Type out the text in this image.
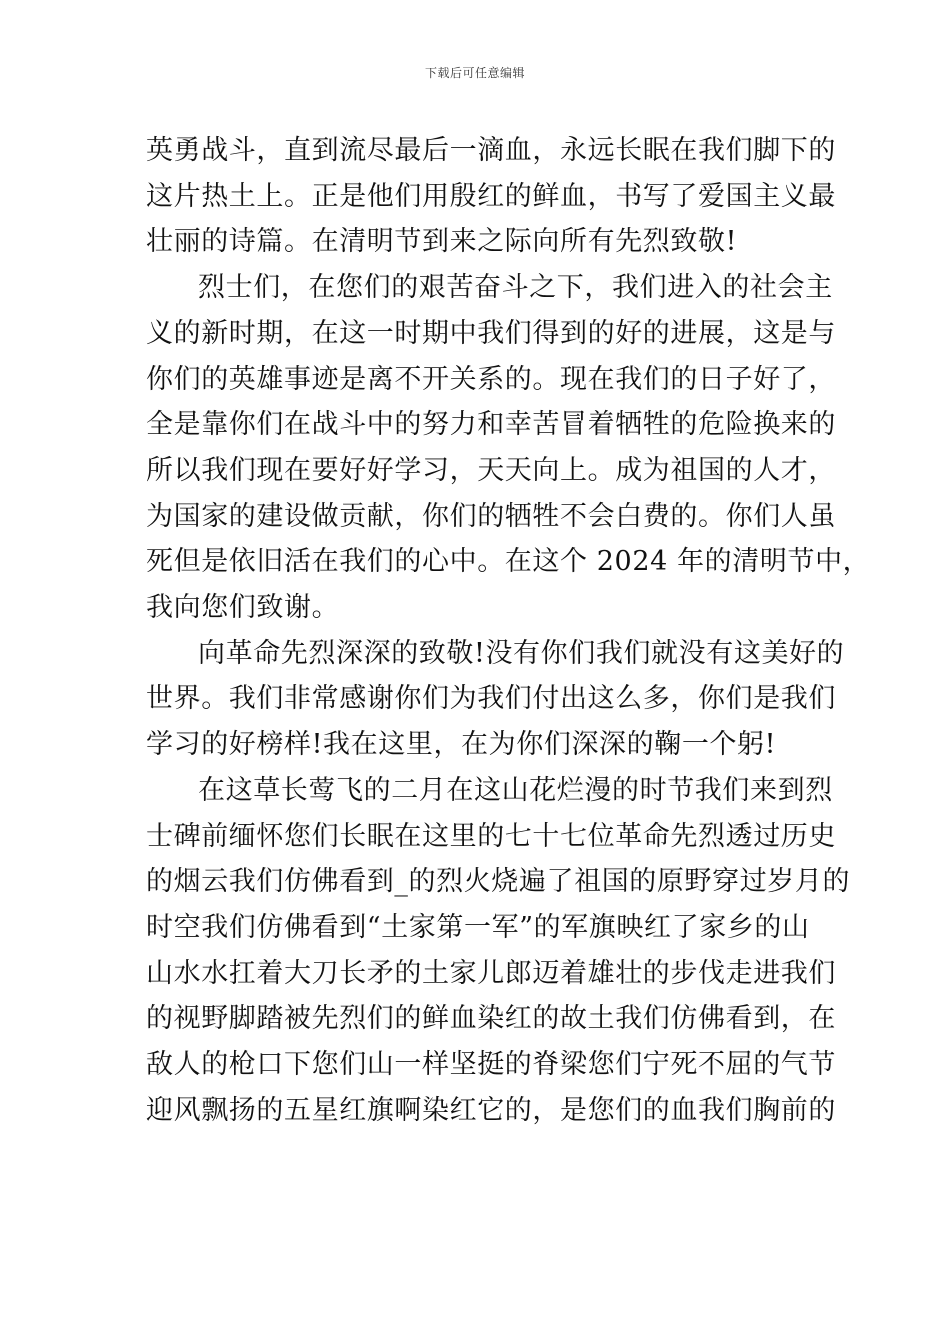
下载后可任意编辑
英勇战斗，直到流尽最后一滴血，永远长眠在我们脚下的
这片热土上。正是他们用殷红的鲜血，书写了爱国主义最
壮丽的诗篇。在清明节到来之际向所有先烈致敬!
烈士们，在您们的艰苦奋斗之下，我们进入的社会主
义的新时期，在这一时期中我们得到的好的进展，这是与
你们的英雄事迹是离不开关系的。现在我们的日子好了，
全是靠你们在战斗中的努力和幸苦冒着牺牲的危险换来的
所以我们现在要好好学习，天天向上。成为祖国的人才，
为国家的建设做贡献，你们的牺牲不会白费的。你们人虽
死但是依旧活在我们的心中。在这个 2024 年的清明节中，
我向您们致谢。
向革命先烈深深的致敬!没有你们我们就没有这美好的
世界。我们非常感谢你们为我们付出这么多，你们是我们
学习的好榜样!我在这里，在为你们深深的鞠一个躬!
在这草长莺飞的二月在这山花烂漫的时节我们来到烈
士碑前缅怀您们长眠在这里的七十七位革命先烈透过历史
的烟云我们仿佛看到_的烈火烧遍了祖国的原野穿过岁月的
时空我们仿佛看到“土家第一军”的军旗映红了家乡的山
山水水扛着大刀长矛的土家儿郎迈着雄壮的步伐走进我们
的视野脚踏被先烈们的鲜血染红的故土我们仿佛看到，在
敌人的枪口下您们山一样坚挺的脊梁您们宁死不屈的气节
迎风飘扬的五星红旗啊染红它的，是您们的血我们胸前的
